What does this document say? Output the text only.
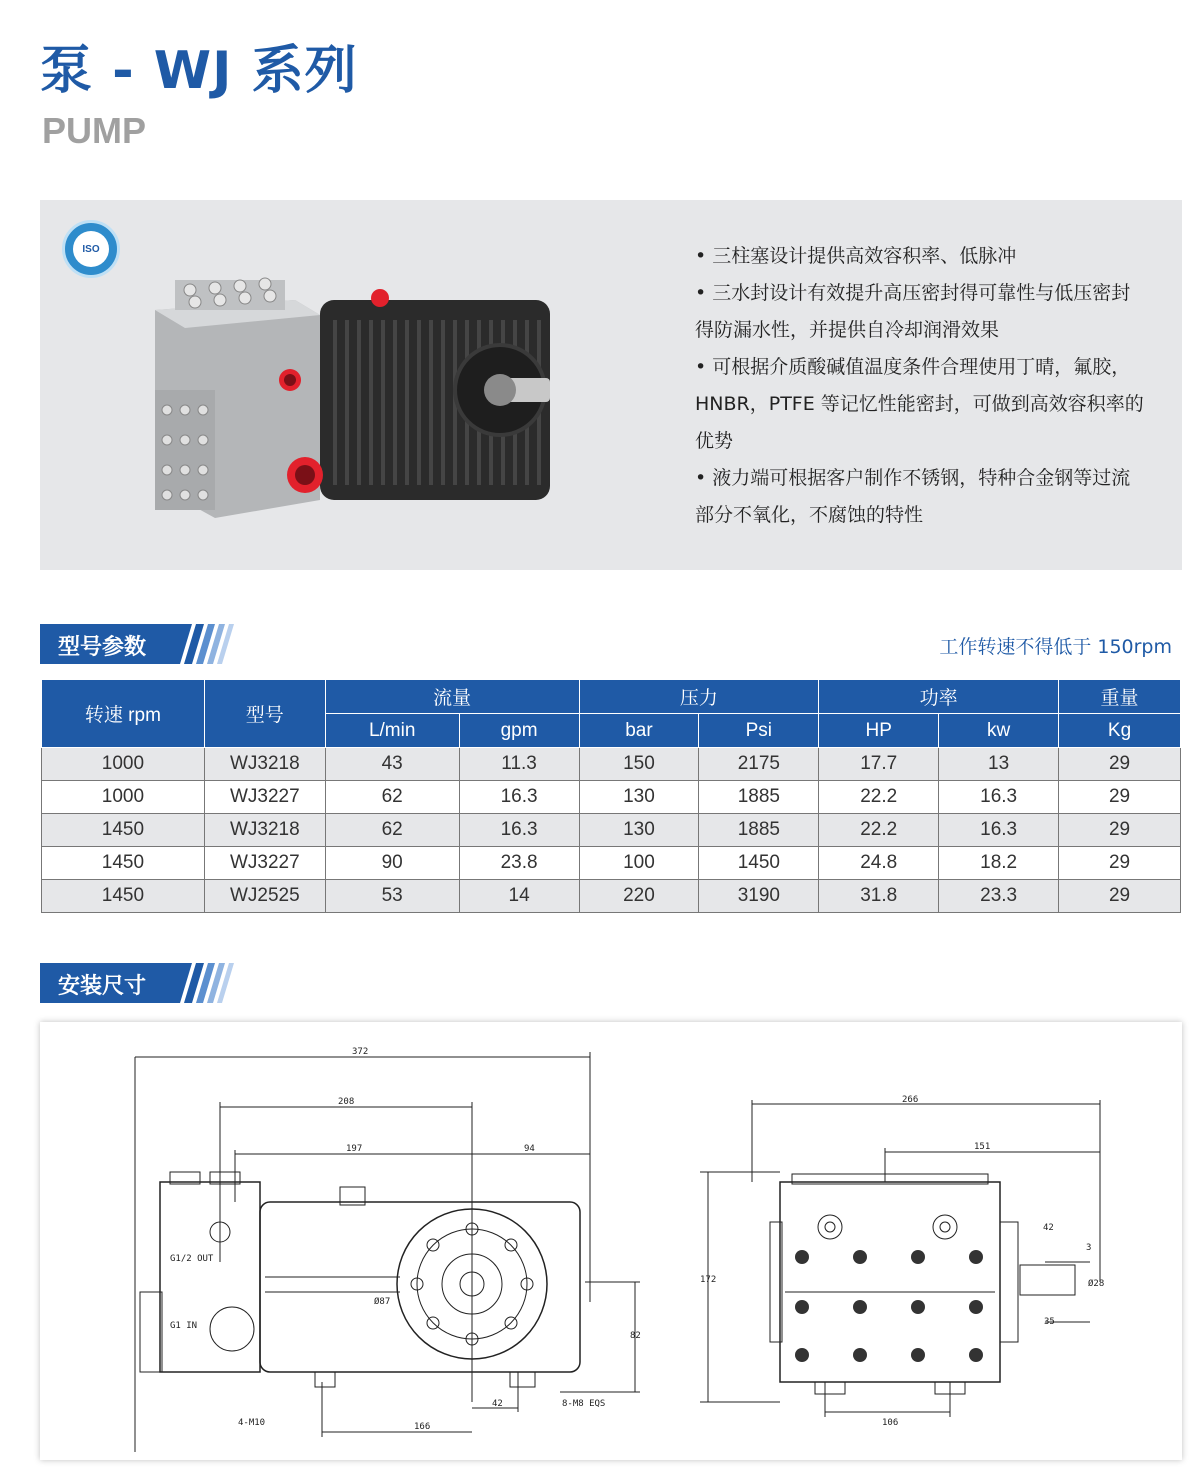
泵 - WJ 系列
PUMP
ISO	• 三柱塞设计提供高效容积率、低脉冲

• 三水封设计有效提升高压密封得可靠性与低压密封得防漏水性，并提供自冷却润滑效果

• 可根据介质酸碱值温度条件合理使用丁晴，氟胶，HNBR，PTFE 等记忆性能密封，可做到高效容积率的优势

• 液力端可根据客户制作不锈钢，特种合金钢等过流部分不氧化，不腐蚀的特性

型号参数	工作转速不得低于 150rpm
转速 rpm	型号	流量		压力		功率		重量
		L/min	gpm	bar	Psi	HP	kw	Kg
1000	WJ3218	43	11.3	150	2175	17.7	13	29
1000	WJ3227	62	16.3	130	1885	22.2	16.3	29
1450	WJ3218	62	16.3	130	1885	22.2	16.3	29
1450	WJ3227	90	23.8	100	1450	24.8	18.2	29
1450	WJ2525	53	14	220	3190	31.8	23.3	29
安装尺寸
372
208
197	94
G1/2 OUT
G1 IN
Ø87
82
42
166
4-M10
8-M8 EQS
266
151
172
42
3
Ø28
35
106
